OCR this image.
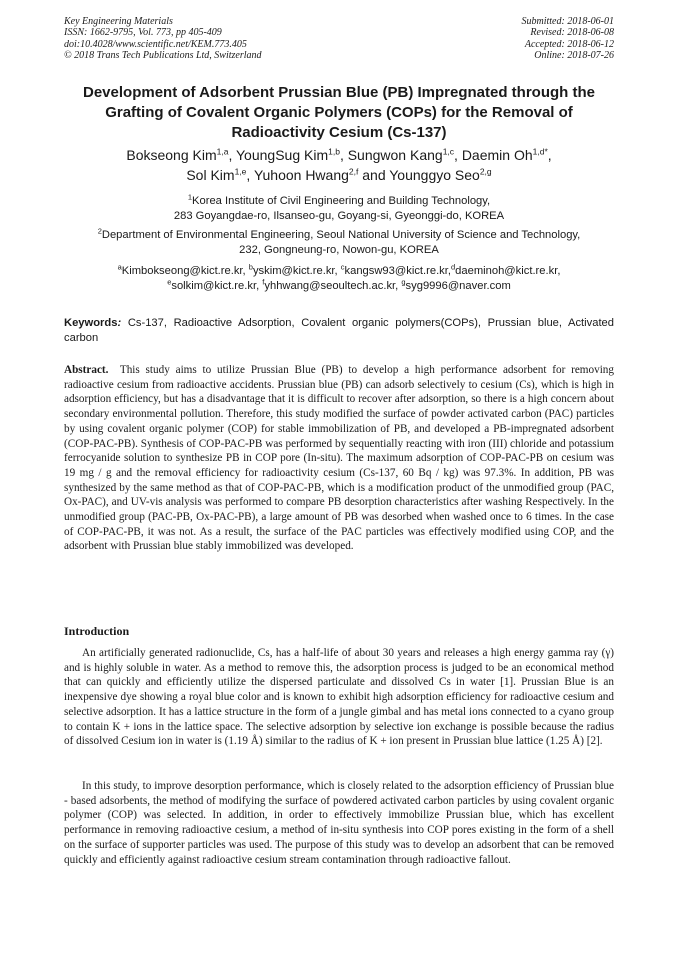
Key Engineering Materials
ISSN: 1662-9795, Vol. 773, pp 405-409
doi:10.4028/www.scientific.net/KEM.773.405
© 2018 Trans Tech Publications Ltd, Switzerland
Submitted: 2018-06-01
Revised: 2018-06-08
Accepted: 2018-06-12
Online: 2018-07-26
Development of Adsorbent Prussian Blue (PB) Impregnated through the Grafting of Covalent Organic Polymers (COPs) for the Removal of Radioactivity Cesium (Cs-137)
Bokseong Kim$^{1,a}$, YoungSug Kim$^{1,b}$, Sungwon Kang$^{1,c}$, Daemin $Oh^{1,d*}$,
Sol Kim$^{1,e}$, Yuhoon Hwang$^{2,f}$ and Younggyo Seo$^{2,g}$
$^1$Korea Institute of Civil Engineering and Building Technology,
283 Goyangdae-ro, Ilsanseo-gu, Goyang-si, Gyeonggi-do, KOREA
$^2$Department of Environmental Engineering, Seoul National University of Science and Technology,
232, Gongneung-ro, Nowon-gu, KOREA
$^a$Kimbokseong@kict.re.kr, $^b$yskim@kict.re.kr, $^c$kangsw93@kict.re.kr,$^d$daeminoh@kict.re.kr,
$^e$solkim@kict.re.kr, $^f$yhhwang@seoultech.ac.kr, $^g$syg9996@naver.com
Keywords: Cs-137, Radioactive Adsorption, Covalent organic polymers(COPs), Prussian blue, Activated carbon
Abstract. This study aims to utilize Prussian Blue (PB) to develop a high performance adsorbent for removing radioactive cesium from radioactive accidents. Prussian blue (PB) can adsorb selectively to cesium (Cs), which is high in adsorption efficiency, but has a disadvantage that it is difficult to recover after adsorption, so there is a high concern about secondary environmental pollution. Therefore, this study modified the surface of powder activated carbon (PAC) particles by using covalent organic polymer (COP) for stable immobilization of PB, and developed a PB-impregnated adsorbent (COP-PAC-PB). Synthesis of COP-PAC-PB was performed by sequentially reacting with iron (III) chloride and potassium ferrocyanide solution to synthesize PB in COP pore (In-situ). The maximum adsorption of COP-PAC-PB on cesium was 19 mg / g and the removal efficiency for radioactivity cesium (Cs-137, 60 Bq / kg) was 97.3%. In addition, PB was synthesized by the same method as that of COP-PAC-PB, which is a modification product of the unmodified group (PAC, Ox-PAC), and UV-vis analysis was performed to compare PB desorption characteristics after washing Respectively. In the unmodified group (PAC-PB, Ox-PAC-PB), a large amount of PB was desorbed when washed once to 6 times. In the case of COP-PAC-PB, it was not. As a result, the surface of the PAC particles was effectively modified using COP, and the adsorbent with Prussian blue stably immobilized was developed.
Introduction

An artificially generated radionuclide, Cs, has a half-life of about 30 years and releases a high energy gamma ray (γ) and is highly soluble in water. As a method to remove this, the adsorption process is judged to be an economical method that can quickly and efficiently utilize the dispersed particulate and dissolved Cs in water [1]. Prussian Blue is an inexpensive dye showing a royal blue color and is known to exhibit high adsorption efficiency for radioactive cesium and selective adsorption. It has a lattice structure in the form of a jungle gimbal and has metal ions connected to a cyano group to contain K + ions in the lattice space. The selective adsorption by selective ion exchange is possible because the radius of dissolved Cesium ion in water is (1.19 Å) similar to the radius of K + ion present in Prussian blue lattice (1.25 Å) [2].

In this study, to improve desorption performance, which is closely related to the adsorption efficiency of Prussian blue - based adsorbents, the method of modifying the surface of powdered activated carbon particles by using covalent organic polymer (COP) was selected. In addition, in order to effectively immobilize Prussian blue, which has excellent performance in removing radioactive cesium, a method of in-situ synthesis into COP pores existing in the form of a shell on the surface of supporter particles was used. The purpose of this study was to develop an adsorbent that can be removed quickly and efficiently against radioactive cesium stream contamination through radioactive fallout.
